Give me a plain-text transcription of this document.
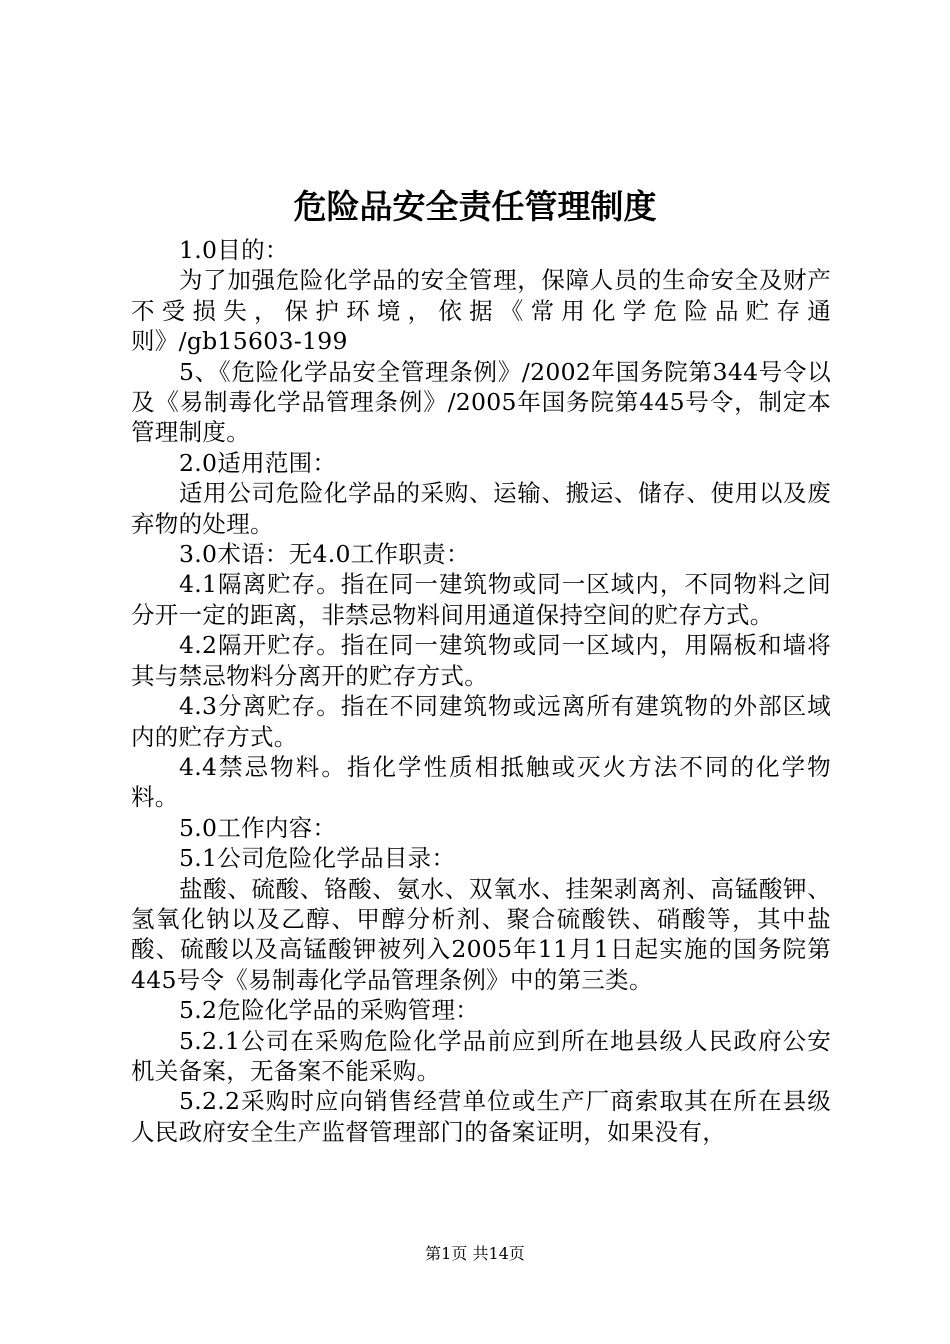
危险品安全责任管理制度

1.0目的：

为了加强危险化学品的安全管理，保障人员的生命安全及财产不受损失，保护环境，依据《常用化学危险品贮存通则》/gb15603-199

5、《危险化学品安全管理条例》/2002年国务院第344号令以及《易制毒化学品管理条例》/2005年国务院第445号令，制定本管理制度。

2.0适用范围：

适用公司危险化学品的采购、运输、搬运、储存、使用以及废弃物的处理。

3.0术语：无4.0工作职责：

4.1隔离贮存。指在同一建筑物或同一区域内，不同物料之间分开一定的距离，非禁忌物料间用通道保持空间的贮存方式。

4.2隔开贮存。指在同一建筑物或同一区域内，用隔板和墙将其与禁忌物料分离开的贮存方式。

4.3分离贮存。指在不同建筑物或远离所有建筑物的外部区域内的贮存方式。

4.4禁忌物料。指化学性质相抵触或灭火方法不同的化学物料。

5.0工作内容：

5.1公司危险化学品目录：

盐酸、硫酸、铬酸、氨水、双氧水、挂架剥离剂、高锰酸钾、氢氧化钠以及乙醇、甲醇分析剂、聚合硫酸铁、硝酸等，其中盐酸、硫酸以及高锰酸钾被列入2005年11月1日起实施的国务院第445号令《易制毒化学品管理条例》中的第三类。

5.2危险化学品的采购管理：

5.2.1公司在采购危险化学品前应到所在地县级人民政府公安机关备案，无备案不能采购。

5.2.2采购时应向销售经营单位或生产厂商索取其在所在县级人民政府安全生产监督管理部门的备案证明，如果没有，

第1页 共14页
